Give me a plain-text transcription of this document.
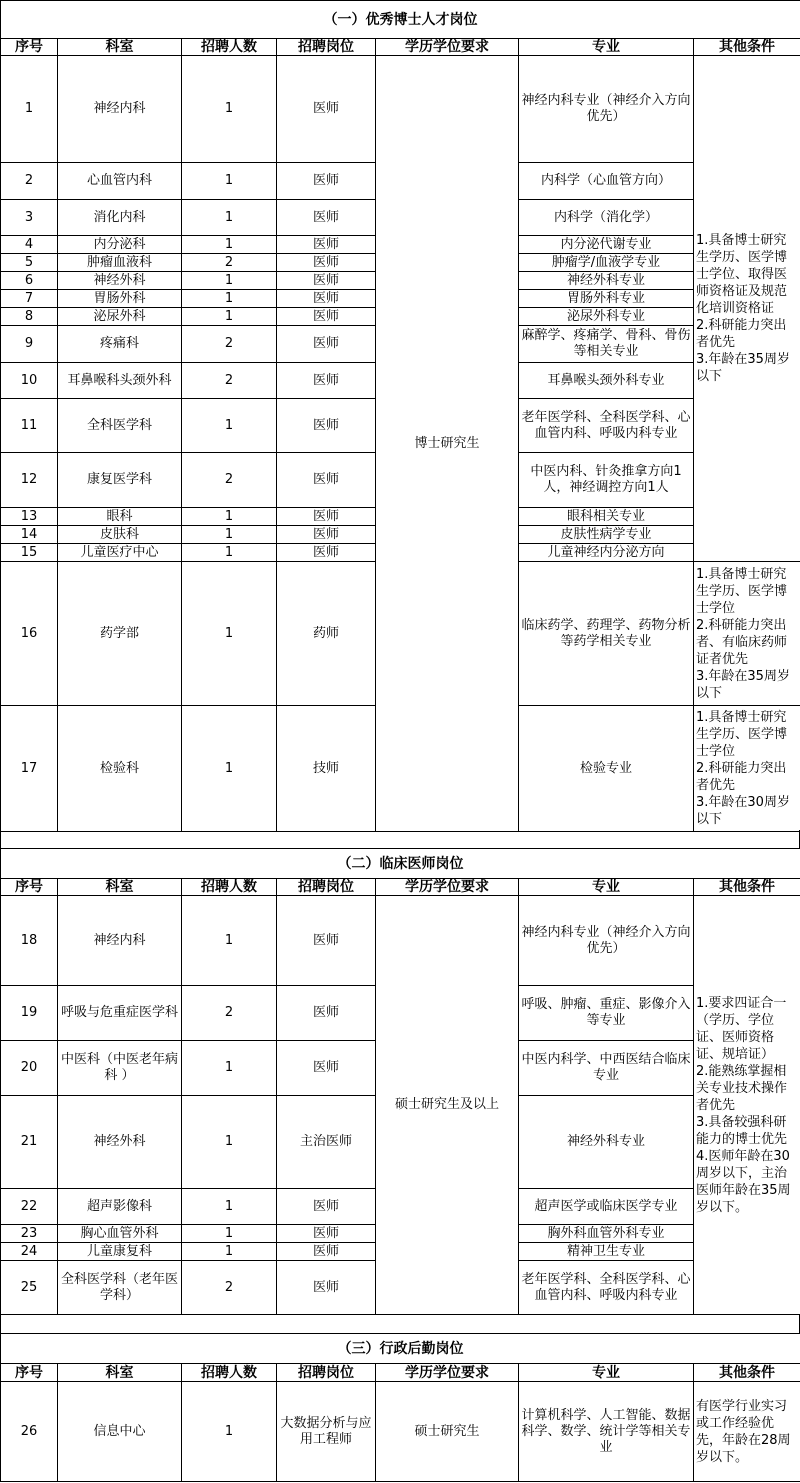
（一）优秀博士人才岗位						
序号	科室	招聘人数	招聘岗位	学历学位要求	专业	其他条件
1	神经内科	1	医师	博士研究生	神经内科专业（神经介入方向优先）	1.具备博士研究生学历、医学博士学位、取得医师资格证及规范化培训资格证
2.科研能力突出者优先
3.年龄在35周岁以下
2	心血管内科	1	医师		内科学（心血管方向）	
3	消化内科	1	医师		内科学（消化学）	
4	内分泌科	1	医师		内分泌代谢专业	
5	肿瘤血液科	2	医师		肿瘤学/血液学专业	
6	神经外科	1	医师		神经外科专业	
7	胃肠外科	1	医师		胃肠外科专业	
8	泌尿外科	1	医师		泌尿外科专业	
9	疼痛科	2	医师		麻醉学、疼痛学、骨科、骨伤等相关专业	
10	耳鼻喉科头颈外科	2	医师		耳鼻喉头颈外科专业	
11	全科医学科	1	医师		老年医学科、全科医学科、心血管内科、呼吸内科专业	
12	康复医学科	2	医师		中医内科、针灸推拿方向1人，神经调控方向1人	
13	眼科	1	医师		眼科相关专业	
14	皮肤科	1	医师		皮肤性病学专业	
15	儿童医疗中心	1	医师		儿童神经内分泌方向	
16	药学部	1	药师		临床药学、药理学、药物分析等药学相关专业	1.具备博士研究生学历、医学博士学位
2.科研能力突出者、有临床药师证者优先
3.年龄在35周岁以下
17	检验科	1	技师		检验专业	1.具备博士研究生学历、医学博士学位
2.科研能力突出者优先
3.年龄在30周岁以下
（二）临床医师岗位						
序号	科室	招聘人数	招聘岗位	学历学位要求	专业	其他条件
18	神经内科	1	医师	硕士研究生及以上	神经内科专业（神经介入方向优先）	1.要求四证合一（学历、学位证、医师资格证、规培证）
2.能熟练掌握相关专业技术操作者优先
3.具备较强科研能力的博士优先
4.医师年龄在30周岁以下，主治医师年龄在35周岁以下。
19	呼吸与危重症医学科	2	医师		呼吸、肿瘤、重症、影像介入等专业	
20	中医科（中医老年病科 ）	1	医师		中医内科学、中西医结合临床专业	
21	神经外科	1	主治医师		神经外科专业	
22	超声影像科	1	医师		超声医学或临床医学专业	
23	胸心血管外科	1	医师		胸外科血管外科专业	
24	儿童康复科	1	医师		精神卫生专业	
25	全科医学科（老年医学科）	2	医师		老年医学科、全科医学科、心血管内科、呼吸内科专业	
（三）行政后勤岗位						
序号	科室	招聘人数	招聘岗位	学历学位要求	专业	其他条件
26	信息中心	1	大数据分析与应用工程师	硕士研究生	计算机科学、人工智能、数据科学、数学、统计学等相关专业	有医学行业实习或工作经验优先，年龄在28周岁以下。
